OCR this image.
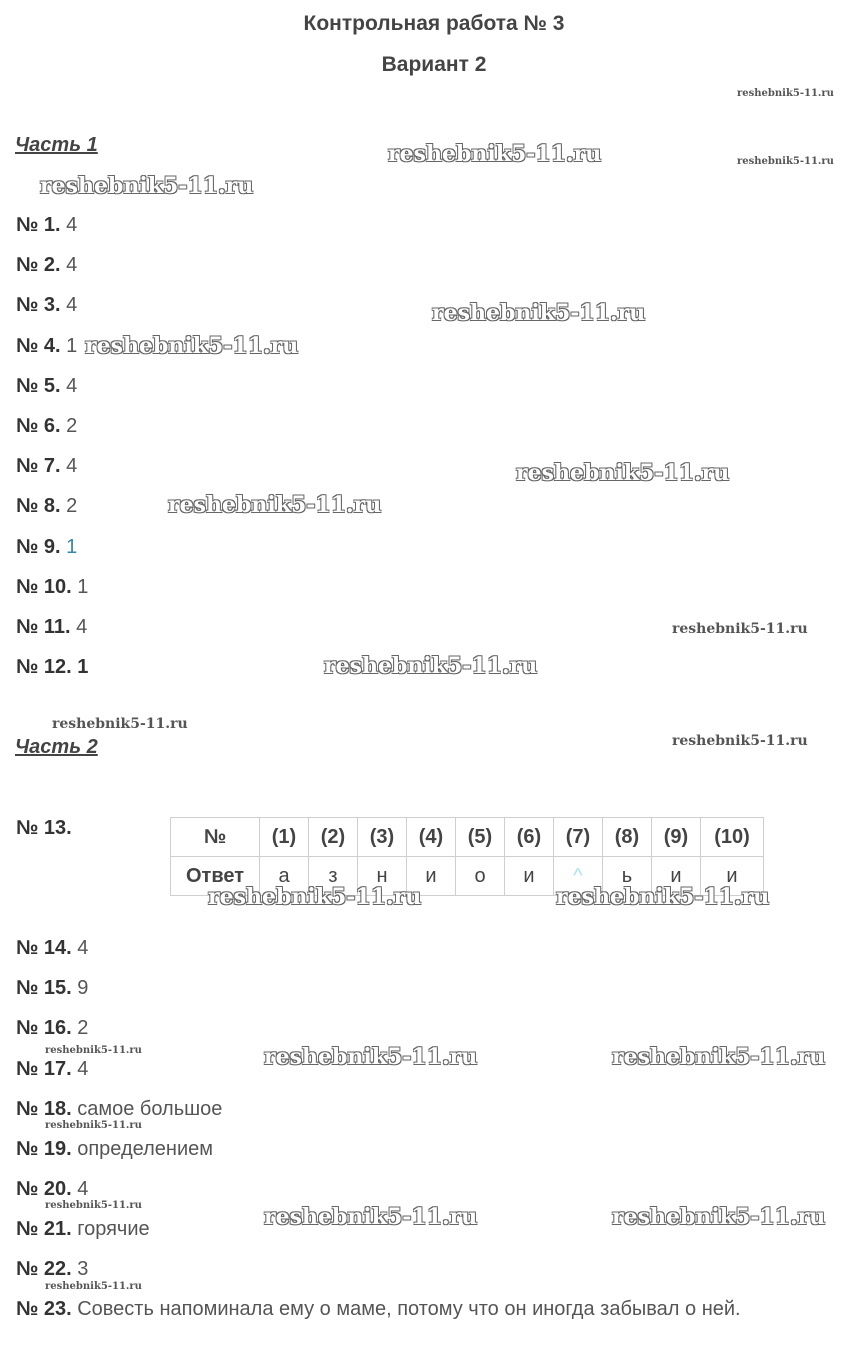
Контрольная работа № 3
Вариант 2
Часть 1
№ 1. 4
№ 2. 4
№ 3. 4
№ 4. 1
№ 5. 4
№ 6. 2
№ 7. 4
№ 8. 2
№ 9. 1
№ 10. 1
№ 11. 4
№ 12. 1
Часть 2
№ 13.	№	(1)	(2)	(3)	(4)	(5)	(6)	(7)	(8)	(9)	(10)
Ответ	а	з	н	и	о	и	^	ь	и	и
№ 14. 4
№ 15. 9
№ 16. 2
№ 17. 4
№ 18. самое большое
№ 19. определением
№ 20. 4
№ 21. горячие
№ 22. 3
№ 23. Совесть напоминала ему о маме, потому что он иногда забывал о ней.
reshebnik5-11.ru
reshebnik5-11.ru
reshebnik5-11.ru
reshebnik5-11.ru
reshebnik5-11.ru
reshebnik5-11.ru
reshebnik5-11.ru
reshebnik5-11.ru
reshebnik5-11.ru
reshebnik5-11.ru
reshebnik5-11.ru
reshebnik5-11.ru
reshebnik5-11.ru	reshebnik5-11.ru
reshebnik5-11.ru	reshebnik5-11.ru	reshebnik5-11.ru
reshebnik5-11.ru
reshebnik5-11.ru	reshebnik5-11.ru	reshebnik5-11.ru
reshebnik5-11.ru
